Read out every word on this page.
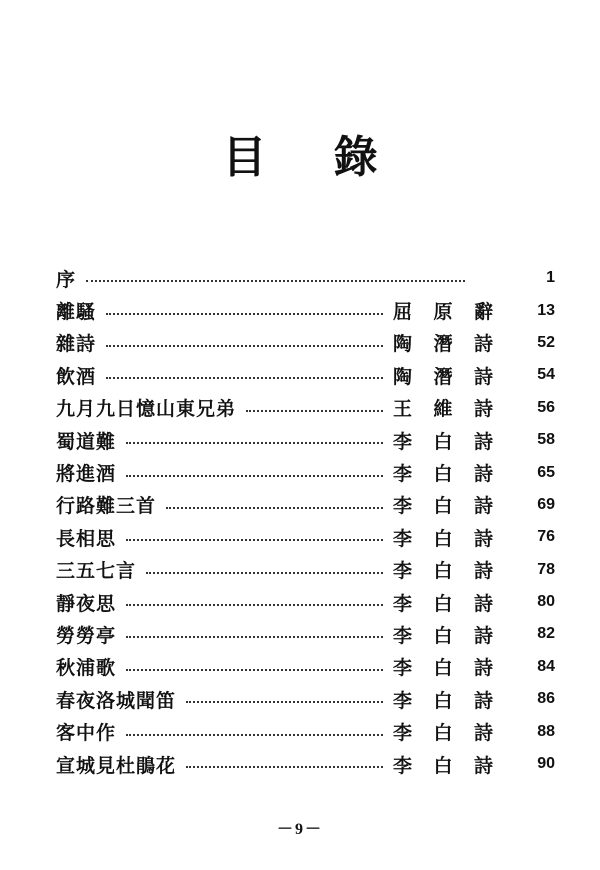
目 錄
序	1
離騷	屈原辭	13
雜詩	陶潛詩	52
飲酒	陶潛詩	54
九月九日憶山東兄弟	王維詩	56
蜀道難	李白詩	58
將進酒	李白詩	65
行路難三首	李白詩	69
長相思	李白詩	76
三五七言	李白詩	78
靜夜思	李白詩	80
勞勞亭	李白詩	82
秋浦歌	李白詩	84
春夜洛城聞笛	李白詩	86
客中作	李白詩	88
宣城見杜鵑花	李白詩	90
－9－
